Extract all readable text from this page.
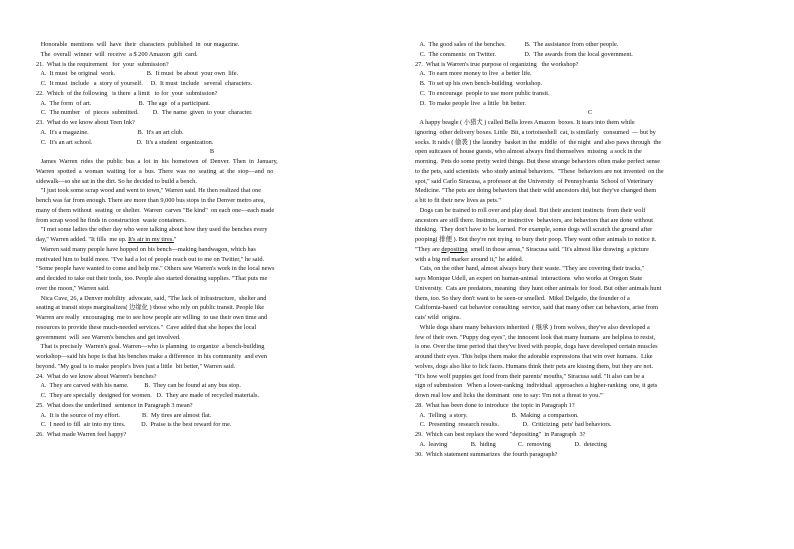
Honorable  mentions  will  have  their  characters  published  in  our magazine.
The  overall  winner  will  receive  a $ 200 Amazon  gift  card.
21.  What is the requirement   for  your  submission?
A.  It must  be original  work.                    B.  It must  be about  your own  life.
C.  It must  include   a  story of yourself.     D.  It must  include   several  characters.
22.  Which  of the following   is there  a limit   to for  your  submission?
A.  The form  of art.                              B.  The age  of a participant.
C.  The number   of  pieces  submitted.         D.  The name  given  to your  character.
23.  What do we know about Teen Ink?
A.  It's a magazine.                               B.  It's an art club.
C.  It's an art school.                            D.  It's a student  organization.
B
James  Warren  rides  the  public  bus  a  lot  in  his  hometown  of  Denver.  Then  in  January,
Warren  spotted  a  woman  waiting  for  a  bus.  There  was  no  seating  at  the  stop—and  no
sidewalk—so she sat in the dirt. So he decided to build a bench.
"I just took some scrap wood and went to town," Warren said. He then realized that one
bench was far from enough. There are more than 9,000 bus stops in the Denver metro area,
many of them without  seating  or shelter.  Warren  carves "Be kind"  on each one—each made
from scrap wood he finds in construction  waste containers.
"I met some ladies the other day who were talking about how they used the benches every
day," Warren added. "It fills  me up. It's air in my tires."
Warren said many people have hopped on his bench—making bandwagon, which has
motivated him to build more. "I've had a lot of people reach out to me on Twitter," he said.
"Some people have wanted to come and help me." Others saw Warren's work in the local news
and decided to take out their tools, too. People also started donating supplies. "That puts me
over the moon," Warren said.
Nica Cave, 26, a Denver mobility  advocate, said, "The lack of infrastructure,  shelter and
seating at transit stops marginalizes( 边缘化 ) those who rely on public transit. People like
Warren are really  encouraging  me to see how people are willing  to use their own time and
resources to provide these much-needed services."  Cave added that she hopes the local
government  will  see Warren's benches and get involved.
That is precisely  Warren's goal. Warren—who is planning  to organize  a bench-building
workshop—said his hope is that his benches make a difference  in his community  and even
beyond. "My goal is to make people's lives just a little  bit better," Warren said.
24.  What do we know about Warren's benches?
A.  They are carved with his name.          B.  They can be found at any bus stop.
C.  They are specially  designed for women.   D.  They are made of recycled materials.
25.  What does the underlined  sentence in Paragraph 3 mean?
A.  It is the source of my effort.              B.  My tires are almost flat.
C.  I need to fill  air into my tires.          D.  Praise is the best reward for me.
26.  What made Warren feel happy?
A.  The good sales of the benches.            B.  The assistance from other people.
C.  The comments  on Twitter.                  D.  The awards from the local government.
27.  What is Warren's true purpose of organizing   the workshop?
A.  To earn more money to live  a better life.
B.  To set up his own bench-building  workshop.
C.  To encourage  people to use more public transit.
D.  To make people live  a little  bit better.
C
A happy beagle ( 小猎犬 ) called Bella loves Amazon  boxes. It tears into them while
ignoring  other delivery boxes. Little  Bit, a tortoiseshell  cat, is similarly   consumed  — but by
socks. It raids ( 偷袭 ) the laundry  basket in the  middle  of  the night  and also paws through  the
open suitcases of house guests, who almost always find themselves  missing  a sock in the
morning.  Pets do some pretty weird things. But these strange behaviors often make perfect sense
to the pets, said scientists  who study animal behaviors.  "These  behaviors are not invented  on the
spot," said Carlo Siracusa, a professor at the University  of Pennsylvania  School of Veterinary
Medicine. "The pets are doing behaviors that their wild ancestors did, but they've changed them
a bit to fit their new lives as pets."
Dogs can be trained to roll over and play dead. But their ancient instincts  from their wolf
ancestors are still there. Instincts, or instinctive  behaviors, are behaviors that are done without
thinking.  They don't have to be learned. For example, some dogs will scratch the ground after
pooping( 排便 ). But they're not trying  to bury their poop. They want other animals to notice it.
"They are depositing  smell in those areas," Siracusa said. "It's almost like drawing  a picture
with a big red marker around it," he added.
Cats, on the other hand, almost always bury their waste. "They are covering their tracks,"
says Monique Udell, an expert on human-animal  interactions  who works at Oregon State
University.  Cats are predators, meaning  they hunt other animals for food. But other animals hunt
them, too. So they don't want to be seen-or smelled.  Mikel Delgado, the founder of a
California-based  cat behavior consulting  service, said that many other cat behaviors, arise from
cats' wild  origins.
While dogs share many behaviors inherited  ( 继承 ) from wolves, they've also developed a
few of their own. "Puppy dog eyes", the innocent look that many humans  are helpless to resist,
is one. Over the time period that they've lived with people, dogs have developed certain muscles
around their eyes. This helps them make the adorable expressions that win over humans.  Like
wolves, dogs also like to lick faces. Humans think their pets are kissing them, but they are not.
"It's how wolf puppies get food from their parents' mouths," Siracusa said. "It also can be a
sign of submission   When a lower-ranking  individual  approaches a higher-ranking  one, it gets
down real low and licks the dominant  one to say: 'I'm not a threat to you.'"
28.  What has been done to introduce  the topic in Paragraph 1?
A.  Telling  a story.                            B.  Making  a comparison.
C.  Presenting  research results.               D.  Criticizing  pets' bad behaviors.
29.  Which can best replace the word "depositing"  in Paragraph  3?
A.  leaving               B.  hiding              C.  removing               D.  detecting
30.  Which statement summarizes  the fourth paragraph?
